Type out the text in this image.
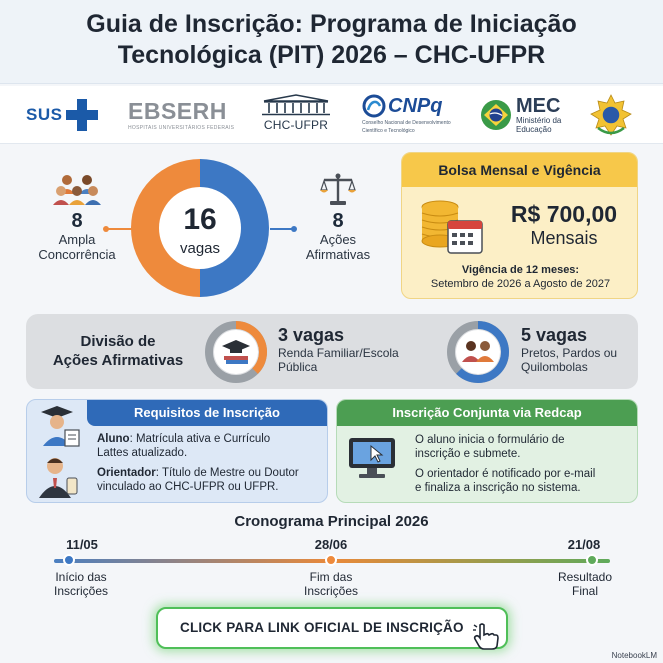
Guia de Inscrição: Programa de Iniciação
Tecnológica (PIT) 2026 – CHC-UFPR
SUS	EBSERH
HOSPITAIS UNIVERSITÁRIOS FEDERAIS CHC-UFPR
CNPq
Conselho Nacional de Desenvolvimento
Científico e Tecnológico
MEC
Ministério da
Educação
8
Ampla
Concorrência
16
vagas
8
Ações
Afirmativas
Bolsa Mensal e Vigência
R$ 700,00
Mensais
Vigência de 12 meses:
Setembro de 2026 a Agosto de 2027
Divisão de
Ações Afirmativas
3 vagas
Renda Familiar/Escola
Pública
5 vagas
Pretos, Pardos ou
Quilombolas
Requisitos de Inscrição

Aluno: Matrícula ativa e Currículo
Lattes atualizado.

Orientador: Título de Mestre ou Doutor
vinculado ao CHC-UFPR ou UFPR.

Inscrição Conjunta via Redcap

O aluno inicia o formulário de
inscrição e submete.

O orientador é notificado por e-mail
e finaliza a inscrição no sistema.

Cronograma Principal 2026
11/05
Início das
Inscrições
28/06
Fim das
Inscrições
21/08
Resultado
Final
CLICK PARA LINK OFICIAL DE INSCRIÇÃO
NotebookLM
